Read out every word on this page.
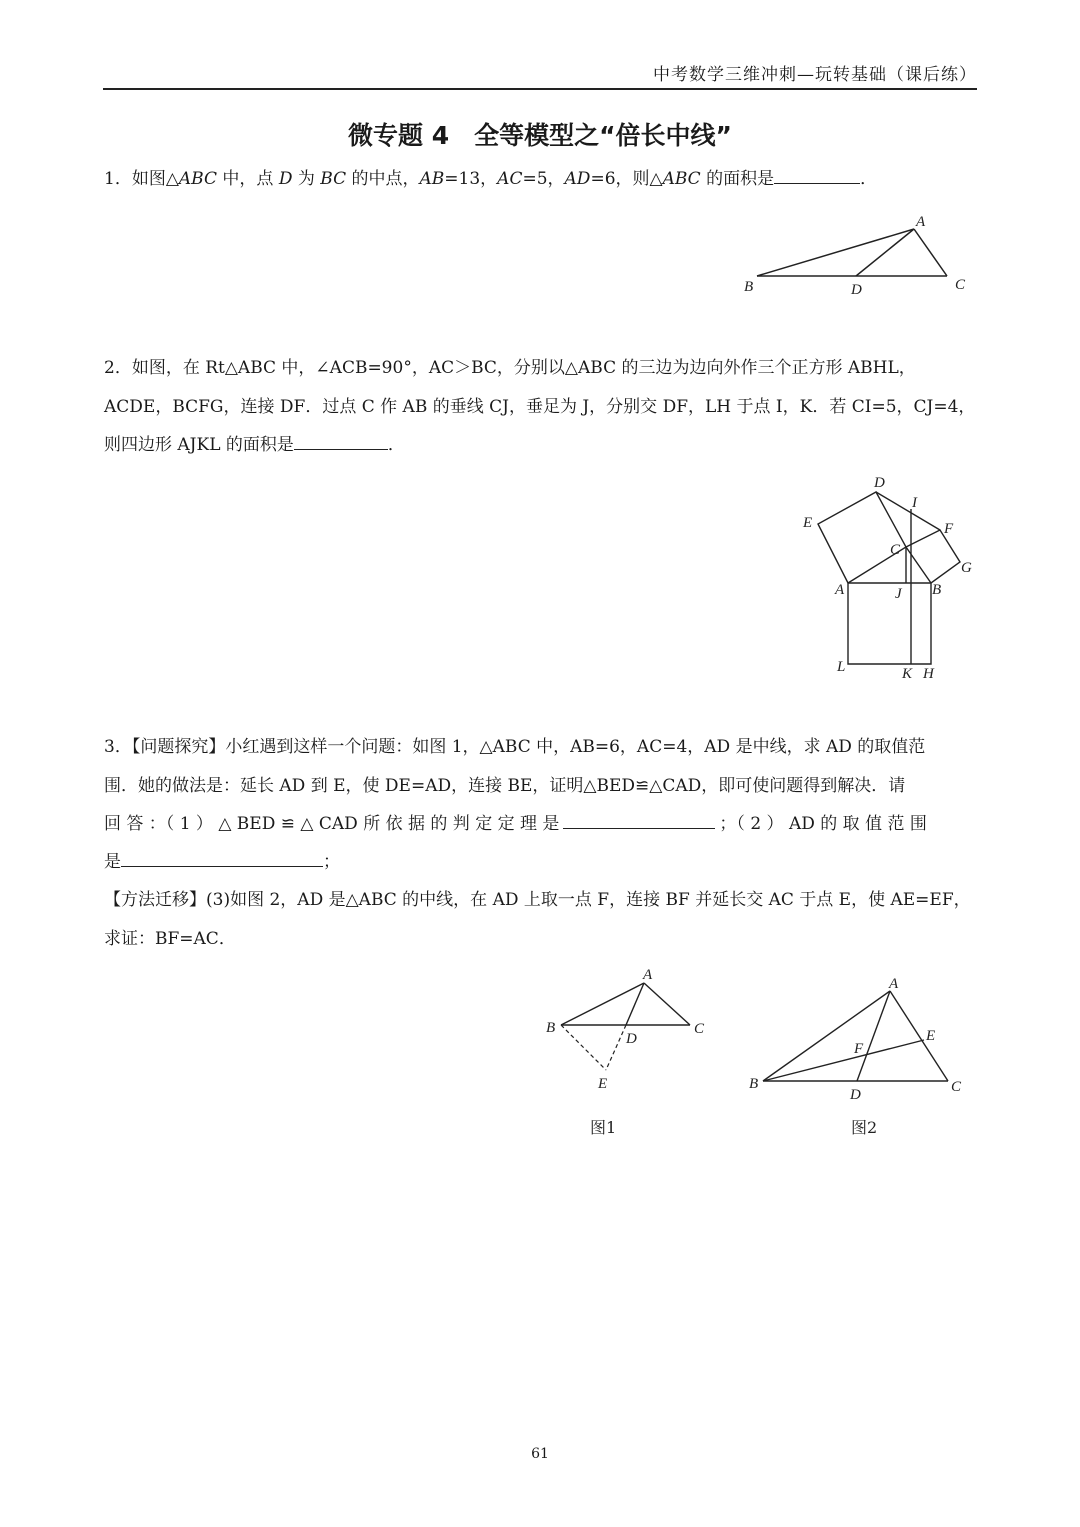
中考数学三维冲刺—玩转基础（课后练）
微专题 4　全等模型之“倍长中线”
1．如图△ABC 中，点 D 为 BC 的中点，AB=13，AC=5，AD=6，则△ABC 的面积是	．
A
B	C
D
2．如图，在 Rt△ABC 中，∠ACB=90°，AC＞BC，分别以△ABC 的三边为边向外作三个正方形 ABHL，
ACDE，BCFG，连接 DF．过点 C 作 AB 的垂线 CJ，垂足为 J，分别交 DF，LH 于点 I，K．若 CI=5，CJ=4，
则四边形 AJKL 的面积是	．
D
I
E	F
C
G
A	J B
L	K H
3．【问题探究】小红遇到这样一个问题：如图 1，△ABC 中，AB=6，AC=4，AD 是中线，求 AD 的取值范
围．她的做法是：延长 AD 到 E，使 DE=AD，连接 BE，证明△BED≌△CAD，即可使问题得到解决．请
回 答 ：（ 1 ） △ BED ≌ △ CAD 所 依 据 的 判 定 定 理 是	；（ 2 ） AD 的 取 值 范 围
是	；
【方法迁移】(3)如图 2，AD 是△ABC 的中线，在 AD 上取一点 F，连接 BF 并延长交 AC 于点 E，使 AE=EF，
求证：BF=AC．
A
B	C
D
E
图1
A
E
F
B	C
D
图2
61
